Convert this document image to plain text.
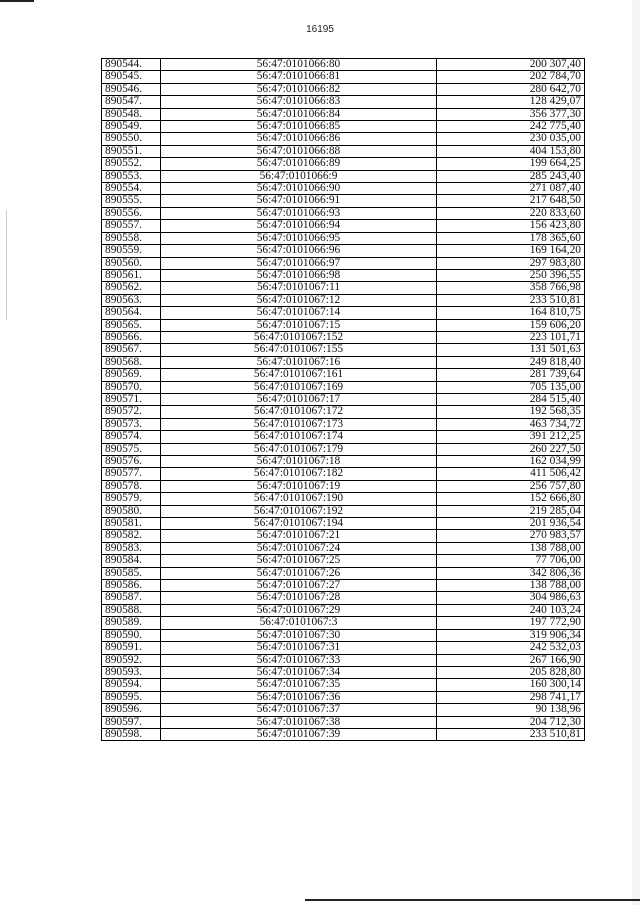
16195
890544.	56:47:0101066:80	200 307,40
890545.	56:47:0101066:81	202 784,70
890546.	56:47:0101066:82	280 642,70
890547.	56:47:0101066:83	128 429,07
890548.	56:47:0101066:84	356 377,30
890549.	56:47:0101066:85	242 775,40
890550.	56:47:0101066:86	230 035,00
890551.	56:47:0101066:88	404 153,80
890552.	56:47:0101066:89	199 664,25
890553.	56:47:0101066:9	285 243,40
890554.	56:47:0101066:90	271 087,40
890555.	56:47:0101066:91	217 648,50
890556.	56:47:0101066:93	220 833,60
890557.	56:47:0101066:94	156 423,80
890558.	56:47:0101066:95	178 365,60
890559.	56:47:0101066:96	169 164,20
890560.	56:47:0101066:97	297 983,80
890561.	56:47:0101066:98	250 396,55
890562.	56:47:0101067:11	358 766,98
890563.	56:47:0101067:12	233 510,81
890564.	56:47:0101067:14	164 810,75
890565.	56:47:0101067:15	159 606,20
890566.	56:47:0101067:152	223 101,71
890567.	56:47:0101067:155	131 501,63
890568.	56:47:0101067:16	249 818,40
890569.	56:47:0101067:161	281 739,64
890570.	56:47:0101067:169	705 135,00
890571.	56:47:0101067:17	284 515,40
890572.	56:47:0101067:172	192 568,35
890573.	56:47:0101067:173	463 734,72
890574.	56:47:0101067:174	391 212,25
890575.	56:47:0101067:179	260 227,50
890576.	56:47:0101067:18	162 034,99
890577.	56:47:0101067:182	411 506,42
890578.	56:47:0101067:19	256 757,80
890579.	56:47:0101067:190	152 666,80
890580.	56:47:0101067:192	219 285,04
890581.	56:47:0101067:194	201 936,54
890582.	56:47:0101067:21	270 983,57
890583.	56:47:0101067:24	138 788,00
890584.	56:47:0101067:25	77 706,00
890585.	56:47:0101067:26	342 806,36
890586.	56:47:0101067:27	138 788,00
890587.	56:47:0101067:28	304 986,63
890588.	56:47:0101067:29	240 103,24
890589.	56:47:0101067:3	197 772,90
890590.	56:47:0101067:30	319 906,34
890591.	56:47:0101067:31	242 532,03
890592.	56:47:0101067:33	267 166,90
890593.	56:47:0101067:34	205 828,80
890594.	56:47:0101067:35	160 300,14
890595.	56:47:0101067:36	298 741,17
890596.	56:47:0101067:37	90 138,96
890597.	56:47:0101067:38	204 712,30
890598.	56:47:0101067:39	233 510,81
